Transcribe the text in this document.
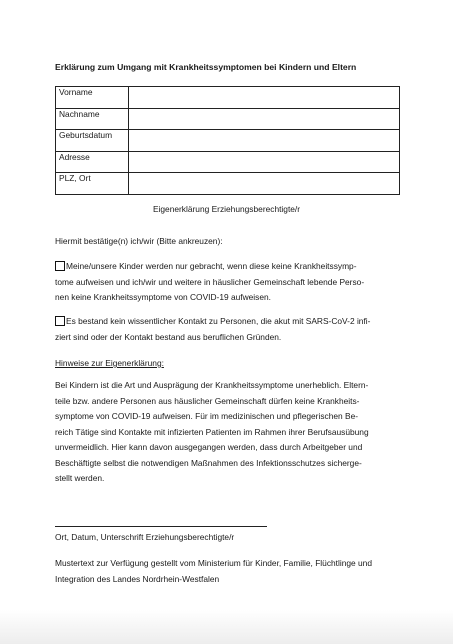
Erklärung zum Umgang mit Krankheitssymptomen bei Kindern und Eltern
Vorname	
Nachname	
Geburtsdatum	
Adresse	
PLZ, Ort	
Eigenerklärung Erziehungsberechtigte/r
Hiermit bestätige(n) ich/wir (Bitte ankreuzen):
Meine/unsere Kinder werden nur gebracht, wenn diese keine Krankheitssymp-
tome aufweisen und ich/wir und weitere in häuslicher Gemeinschaft lebende Perso-
nen keine Krankheitssymptome von COVID-19 aufweisen.
Es bestand kein wissentlicher Kontakt zu Personen, die akut mit SARS-CoV-2 infi-
ziert sind oder der Kontakt bestand aus beruflichen Gründen.
Hinweise zur Eigenerklärung:
Bei Kindern ist die Art und Ausprägung der Krankheitssymptome unerheblich. Eltern-
teile bzw. andere Personen aus häuslicher Gemeinschaft dürfen keine Krankheits-
symptome von COVID-19 aufweisen. Für im medizinischen und pflegerischen Be-
reich Tätige sind Kontakte mit infizierten Patienten im Rahmen ihrer Berufsausübung
unvermeidlich. Hier kann davon ausgegangen werden, dass durch Arbeitgeber und
Beschäftigte selbst die notwendigen Maßnahmen des Infektionsschutzes sicherge-
stellt werden.
Ort, Datum, Unterschrift Erziehungsberechtigte/r
Mustertext zur Verfügung gestellt vom Ministerium für Kinder, Familie, Flüchtlinge und
Integration des Landes Nordrhein-Westfalen
